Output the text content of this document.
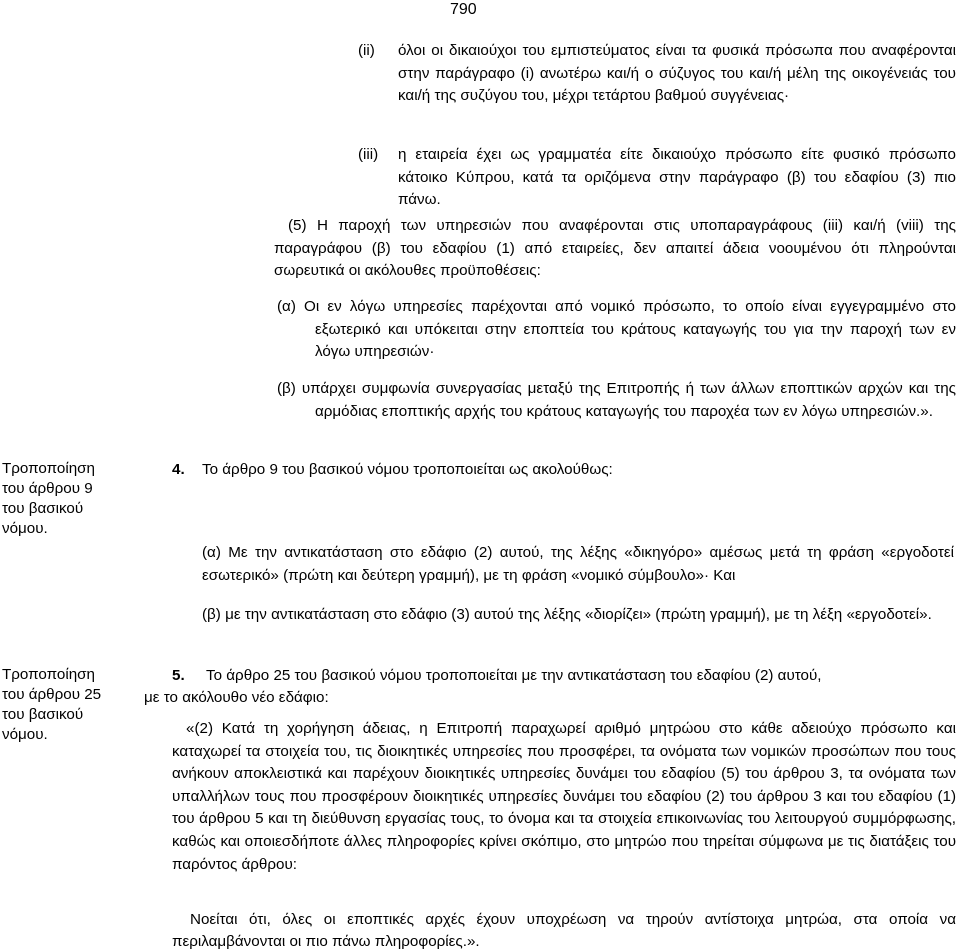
790
(ii) όλοι οι δικαιούχοι του εμπιστεύματος είναι τα φυσικά πρόσωπα που αναφέρονται στην παράγραφο (i) ανωτέρω και/ή ο σύζυγος του και/ή μέλη της οικογένειάς του και/ή της συζύγου του, μέχρι τετάρτου βαθμού συγγένειας·
(iii) η εταιρεία έχει ως γραμματέα είτε δικαιούχο πρόσωπο είτε φυσικό πρόσωπο κάτοικο Κύπρου, κατά τα οριζόμενα στην παράγραφο (β) του εδαφίου (3) πιο πάνω.
(5) Η παροχή των υπηρεσιών που αναφέρονται στις υποπαραγράφους (iii) και/ή (viii) της παραγράφου (β) του εδαφίου (1) από εταιρείες, δεν απαιτεί άδεια νοουμένου ότι πληρούνται σωρευτικά οι ακόλουθες προϋποθέσεις:
(α) Οι εν λόγω υπηρεσίες παρέχονται από νομικό πρόσωπο, το οποίο είναι εγγεγραμμένο στο εξωτερικό και υπόκειται στην εποπτεία του κράτους καταγωγής του για την παροχή των εν λόγω υπηρεσιών·
(β) υπάρχει συμφωνία συνεργασίας μεταξύ της Επιτροπής ή των άλλων εποπτικών αρχών και της αρμόδιας εποπτικής αρχής του κράτους καταγωγής του παροχέα των εν λόγω υπηρεσιών.».
Τροποποίηση
του άρθρου 9
του βασικού
νόμου.
4. Το άρθρο 9 του βασικού νόμου τροποποιείται ως ακολούθως:
(α) Με την αντικατάσταση στο εδάφιο (2) αυτού, της λέξης «δικηγόρο» αμέσως μετά τη φράση «εργοδοτεί εσωτερικό» (πρώτη και δεύτερη γραμμή), με τη φράση «νομικό σύμβουλο»· Και
(β) με την αντικατάσταση στο εδάφιο (3) αυτού της λέξης «διορίζει» (πρώτη γραμμή), με τη λέξη «εργοδοτεί».
Τροποποίηση
του άρθρου 25
του βασικού
νόμου.
5. Το άρθρο 25 του βασικού νόμου τροποποιείται με την αντικατάσταση του εδαφίου (2) αυτού,
με το ακόλουθο νέο εδάφιο:
«(2) Κατά τη χορήγηση άδειας, η Επιτροπή παραχωρεί αριθμό μητρώου στο κάθε αδειούχο πρόσωπο και καταχωρεί τα στοιχεία του, τις διοικητικές υπηρεσίες που προσφέρει, τα ονόματα των νομικών προσώπων που τους ανήκουν αποκλειστικά και παρέχουν διοικητικές υπηρεσίες δυνάμει του εδαφίου (5) του άρθρου 3, τα ονόματα των υπαλλήλων τους που προσφέρουν διοικητικές υπηρεσίες δυνάμει του εδαφίου (2) του άρθρου 3 και του εδαφίου (1) του άρθρου 5 και τη διεύθυνση εργασίας τους, το όνομα και τα στοιχεία επικοινωνίας του λειτουργού συμμόρφωσης, καθώς και οποιεσδήποτε άλλες πληροφορίες κρίνει σκόπιμο, στο μητρώο που τηρείται σύμφωνα με τις διατάξεις του παρόντος άρθρου:
Νοείται ότι, όλες οι εποπτικές αρχές έχουν υποχρέωση να τηρούν αντίστοιχα μητρώα, στα οποία να περιλαμβάνονται οι πιο πάνω πληροφορίες.».
